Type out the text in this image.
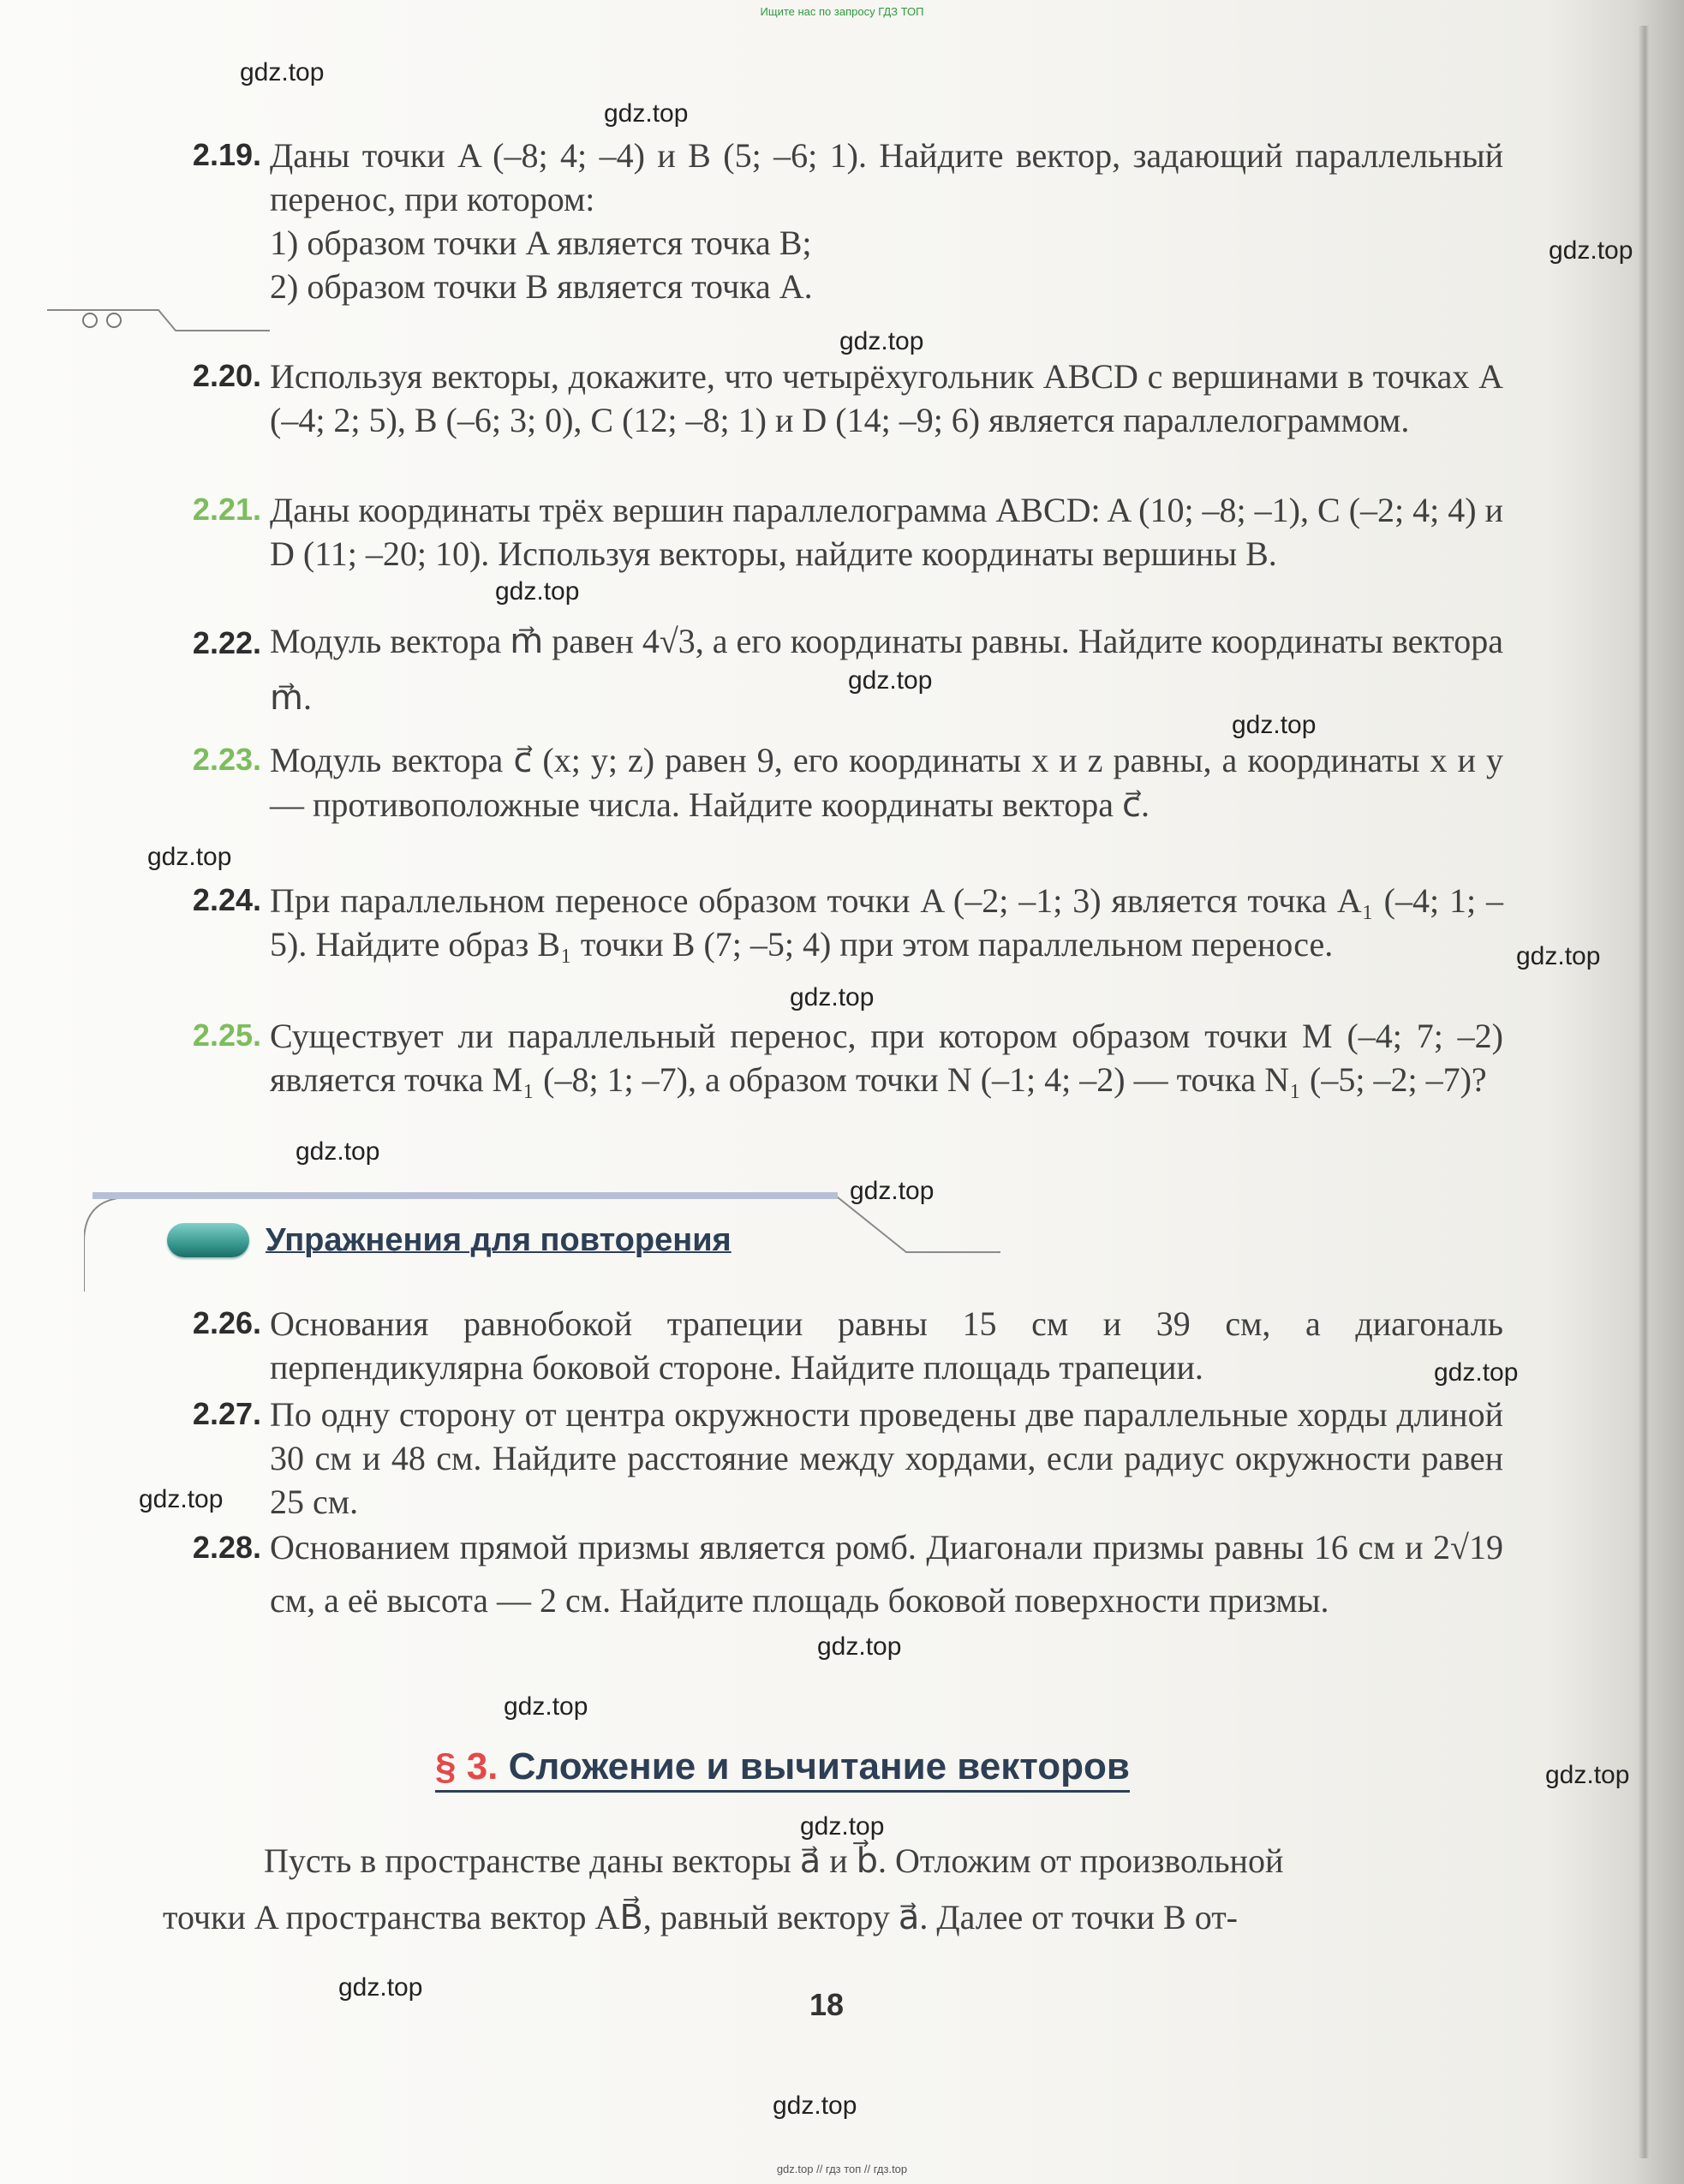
Ищите нас по запросу ГДЗ ТОП
2.19. Даны точки A (–8; 4; –4) и B (5; –6; 1). Найдите вектор, задающий параллельный перенос, при котором:
1) образом точки A является точка B;
2) образом точки B является точка A.
2.20. Используя векторы, докажите, что четырёхугольник ABCD с вершинами в точках A (–4; 2; 5), B (–6; 3; 0), C (12; –8; 1) и D (14; –9; 6) является параллелограммом.
2.21. Даны координаты трёх вершин параллелограмма ABCD: A (10; –8; –1), C (–2; 4; 4) и D (11; –20; 10). Используя векторы, найдите координаты вершины B.
2.22. Модуль вектора m⃗ равен 4√3, а его координаты равны. Найдите координаты вектора m⃗.
2.23. Модуль вектора c⃗ (x; y; z) равен 9, его координаты x и z равны, а координаты x и y — противоположные числа. Найдите координаты вектора c⃗.
2.24. При параллельном переносе образом точки A (–2; –1; 3) является точка A₁ (–4; 1; –5). Найдите образ B₁ точки B (7; –5; 4) при этом параллельном переносе.
2.25. Существует ли параллельный перенос, при котором образом точки M (–4; 7; –2) является точка M₁ (–8; 1; –7), а образом точки N (–1; 4; –2) — точка N₁ (–5; –2; –7)?
Упражнения для повторения
2.26. Основания равнобокой трапеции равны 15 см и 39 см, а диагональ перпендикулярна боковой стороне. Найдите площадь трапеции.
2.27. По одну сторону от центра окружности проведены две параллельные хорды длиной 30 см и 48 см. Найдите расстояние между хордами, если радиус окружности равен 25 см.
2.28. Основанием прямой призмы является ромб. Диагонали призмы равны 16 см и 2√19 см, а её высота — 2 см. Найдите площадь боковой поверхности призмы.
§ 3. Сложение и вычитание векторов
Пусть в пространстве даны векторы a⃗ и b⃗. Отложим от произвольной
точки A пространства вектор AB⃗, равный вектору a⃗. Далее от точки B от-
18
gdz.top
gdz.top
gdz.top
gdz.top
gdz.top
gdz.top
gdz.top
gdz.top
gdz.top
gdz.top
gdz.top
gdz.top
gdz.top
gdz.top
gdz.top
gdz.top
gdz.top
gdz.top
gdz.top
gdz.top
gdz.top // гдз топ // гдз.top
